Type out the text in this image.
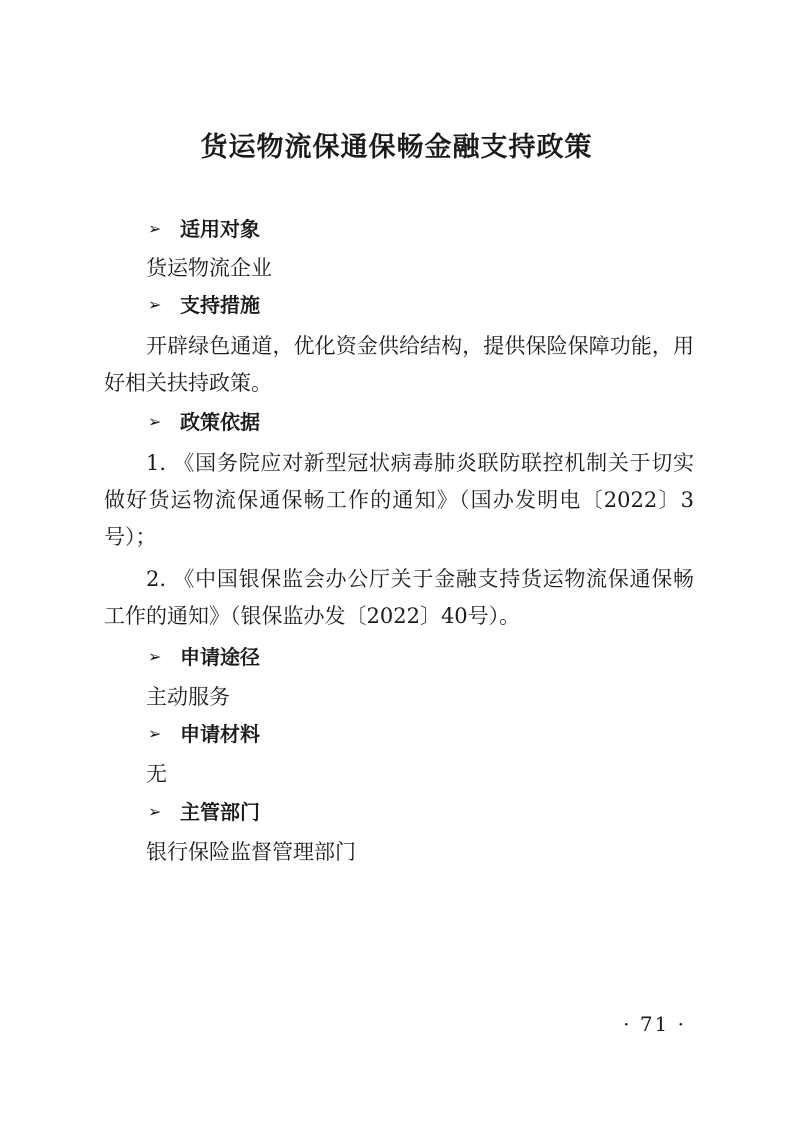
货运物流保通保畅金融支持政策
➢ 适用对象
货运物流企业
➢ 支持措施
开辟绿色通道，优化资金供给结构，提供保险保障功能，用好相关扶持政策。
➢ 政策依据
1. 《国务院应对新型冠状病毒肺炎联防联控机制关于切实做好货运物流保通保畅工作的通知》（国办发明电〔2022〕3号）；
2. 《中国银保监会办公厅关于金融支持货运物流保通保畅工作的通知》（银保监办发〔2022〕40号）。
➢ 申请途径
主动服务
➢ 申请材料
无
➢ 主管部门
银行保险监督管理部门
· 71 ·
